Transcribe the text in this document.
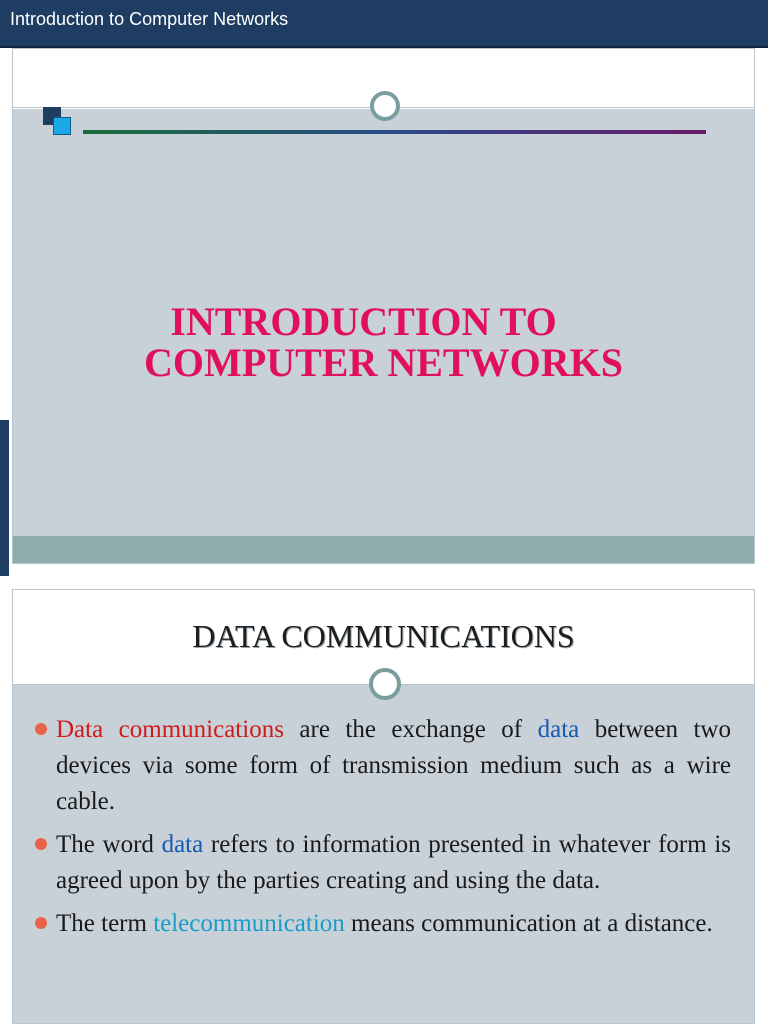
Introduction to Computer Networks
INTRODUCTION TO
COMPUTER NETWORKS
DATA COMMUNICATIONS
Data communications are the exchange of data between two devices via some form of transmission medium such as a wire cable.
The word data refers to information presented in whatever form is agreed upon by the parties creating and using the data.
The term telecommunication means communication at a distance.
